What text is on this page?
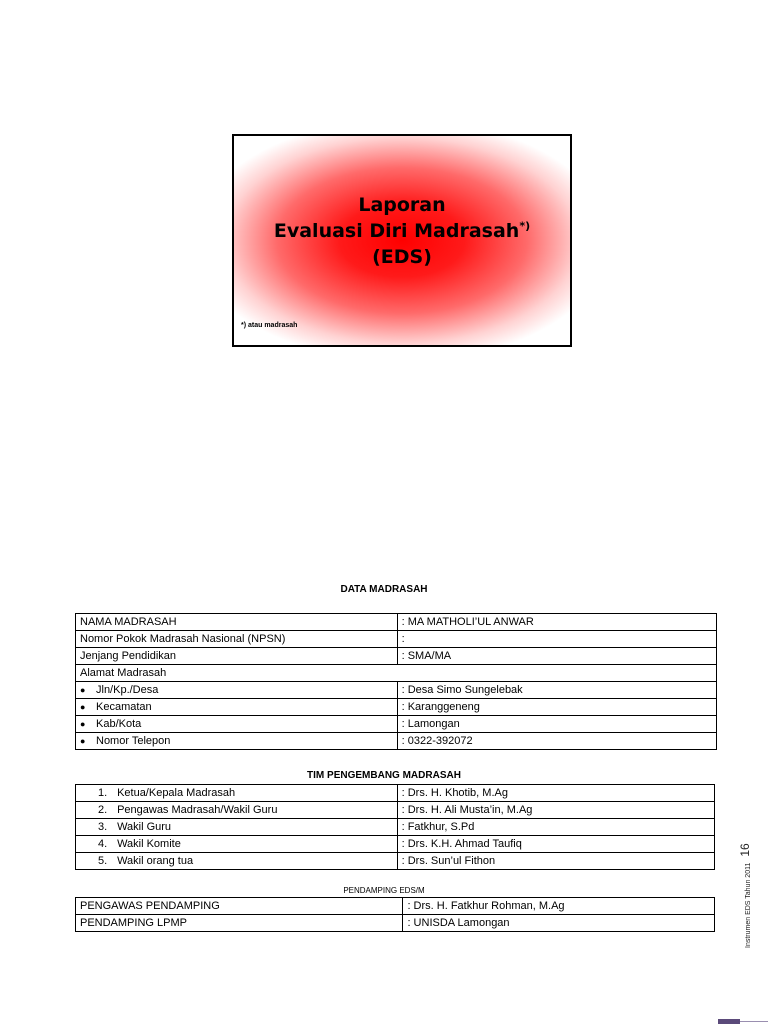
Laporan
Evaluasi Diri Madrasah*)
(EDS)
*) atau madrasah
DATA MADRASAH
NAMA MADRASAH	: MA MATHOLI’UL ANWAR
Nomor Pokok Madrasah Nasional (NPSN)	:
Jenjang Pendidikan	: SMA/MA
Alamat Madrasah	
● Jln/Kp./Desa	: Desa Simo Sungelebak
● Kecamatan	: Karanggeneng
● Kab/Kota	: Lamongan
● Nomor Telepon	: 0322-392072
TIM PENGEMBANG MADRASAH
1. Ketua/Kepala Madrasah	: Drs. H. Khotib, M.Ag
2. Pengawas Madrasah/Wakil Guru	: Drs. H. Ali Musta’in, M.Ag
3. Wakil Guru	: Fatkhur, S.Pd
4. Wakil Komite	: Drs. K.H. Ahmad Taufiq
5. Wakil orang tua	: Drs. Sun’ul Fithon
PENDAMPING EDS/M
PENGAWAS PENDAMPING	: Drs. H. Fatkhur Rohman, M.Ag
PENDAMPING LPMP	: UNISDA Lamongan	Instrumen EDS Tahun 2011
16
